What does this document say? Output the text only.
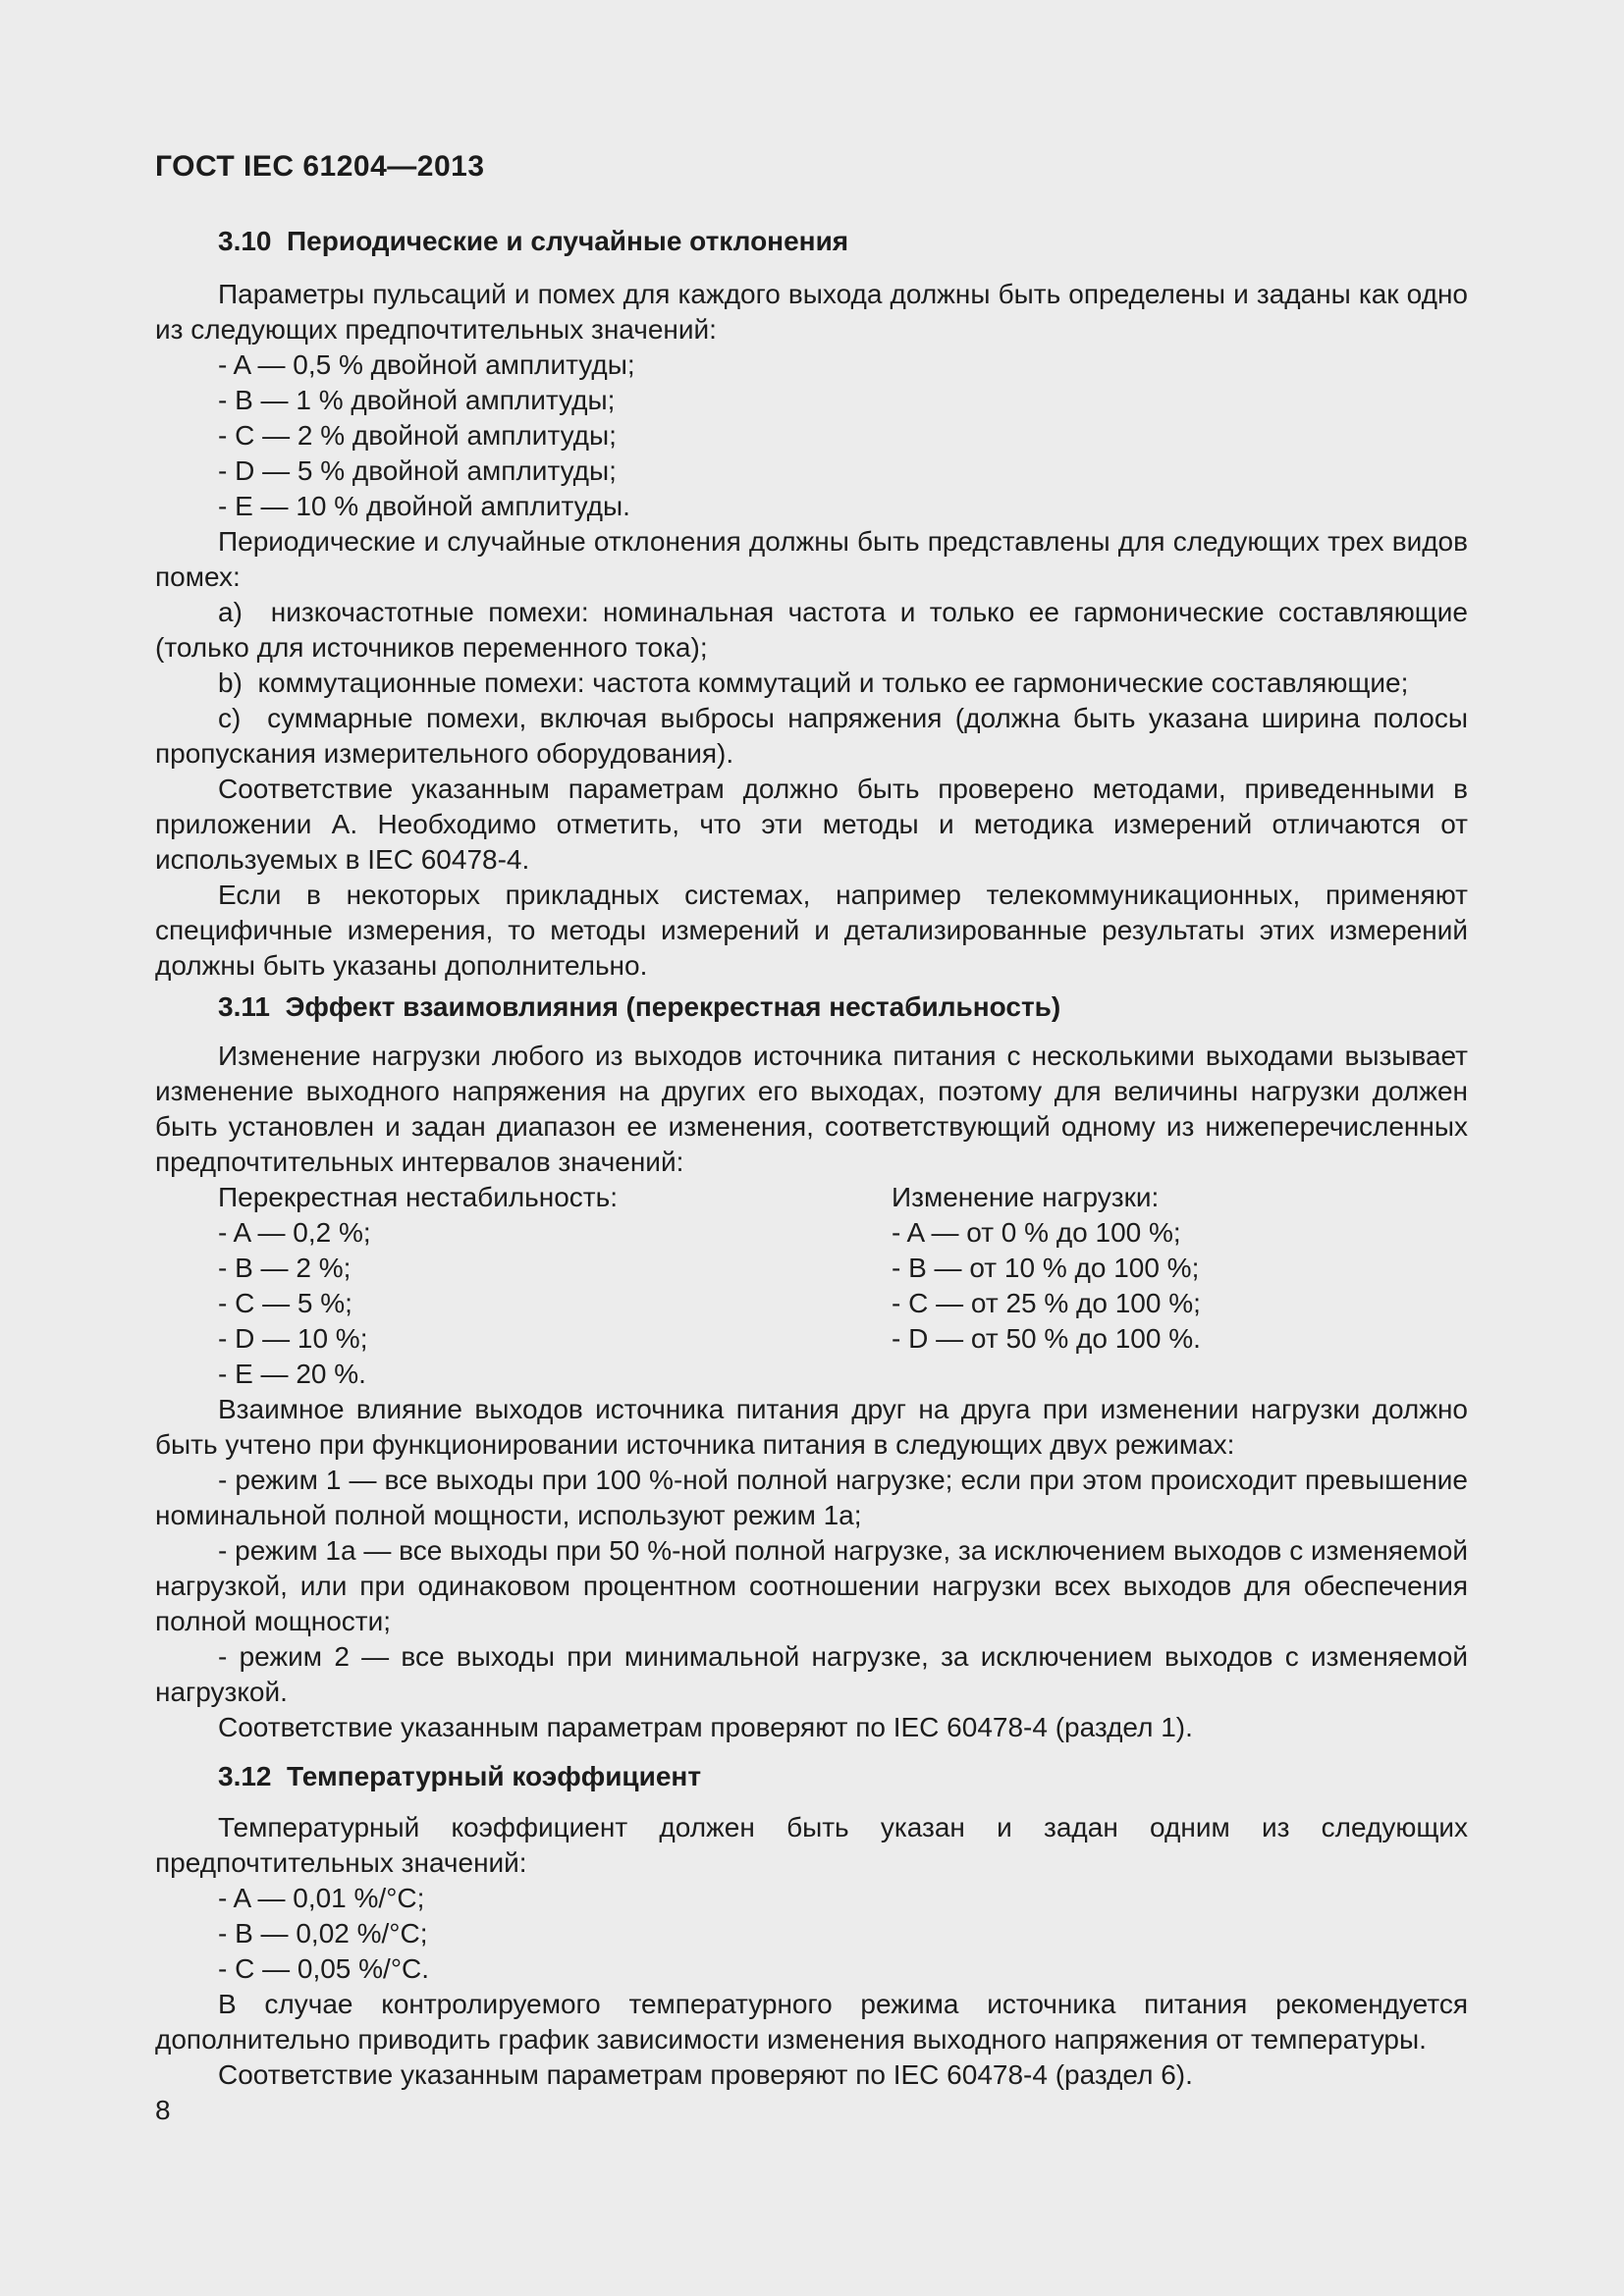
ГОСТ IEC 61204—2013
3.10  Периодические и случайные отклонения

Параметры пульсаций и помех для каждого выхода должны быть определены и заданы как одно из следующих предпочтительных значений:

- A — 0,5 % двойной амплитуды;

- B — 1 % двойной амплитуды;

- C — 2 % двойной амплитуды;

- D — 5 % двойной амплитуды;

- E — 10 % двойной амплитуды.

Периодические и случайные отклонения должны быть представлены для следующих трех видов помех:

a)  низкочастотные помехи: номинальная частота и только ее гармонические составляющие (только для источников переменного тока);

b)  коммутационные помехи: частота коммутаций и только ее гармонические составляющие;

c)  суммарные помехи, включая выбросы напряжения (должна быть указана ширина полосы пропускания измерительного оборудования).

Соответствие указанным параметрам должно быть проверено методами, приведенными в приложении А. Необходимо отметить, что эти методы и методика измерений отличаются от используемых в IEC 60478-4.

Если в некоторых прикладных системах, например телекоммуникационных, применяют специфичные измерения, то методы измерений и детализированные результаты этих измерений должны быть указаны дополнительно.

3.11  Эффект взаимовлияния (перекрестная нестабильность)

Изменение нагрузки любого из выходов источника питания с несколькими выходами вызывает изменение выходного напряжения на других его выходах, поэтому для величины нагрузки должен быть установлен и задан диапазон ее изменения, соответствующий одному из нижеперечисленных предпочтительных интервалов значений:

Перекрестная нестабильность:

- A — 0,2 %;

- B — 2 %;

- C — 5 %;

- D — 10 %;

- E — 20 %.

Изменение нагрузки:

- A — от 0 % до 100 %;

- B — от 10 % до 100 %;

- C — от 25 % до 100 %;

- D — от 50 % до 100 %.

Взаимное влияние выходов источника питания друг на друга при изменении нагрузки должно быть учтено при функционировании источника питания в следующих двух режимах:

- режим 1 — все выходы при 100 %-ной полной нагрузке; если при этом происходит превышение номинальной полной мощности, используют режим 1а;

- режим 1а — все выходы при 50 %-ной полной нагрузке, за исключением выходов с изменяемой нагрузкой, или при одинаковом процентном соотношении нагрузки всех выходов для обеспечения полной мощности;

- режим 2 — все выходы при минимальной нагрузке, за исключением выходов с изменяемой нагрузкой.

Соответствие указанным параметрам проверяют по IEC 60478-4 (раздел 1).

3.12  Температурный коэффициент

Температурный коэффициент должен быть указан и задан одним из следующих предпочтительных значений:

- A — 0,01 %/°C;

- B — 0,02 %/°C;

- C — 0,05 %/°C.

В случае контролируемого температурного режима источника питания рекомендуется дополнительно приводить график зависимости изменения выходного напряжения от температуры.

Соответствие указанным параметрам проверяют по IEC 60478-4 (раздел 6).

8
